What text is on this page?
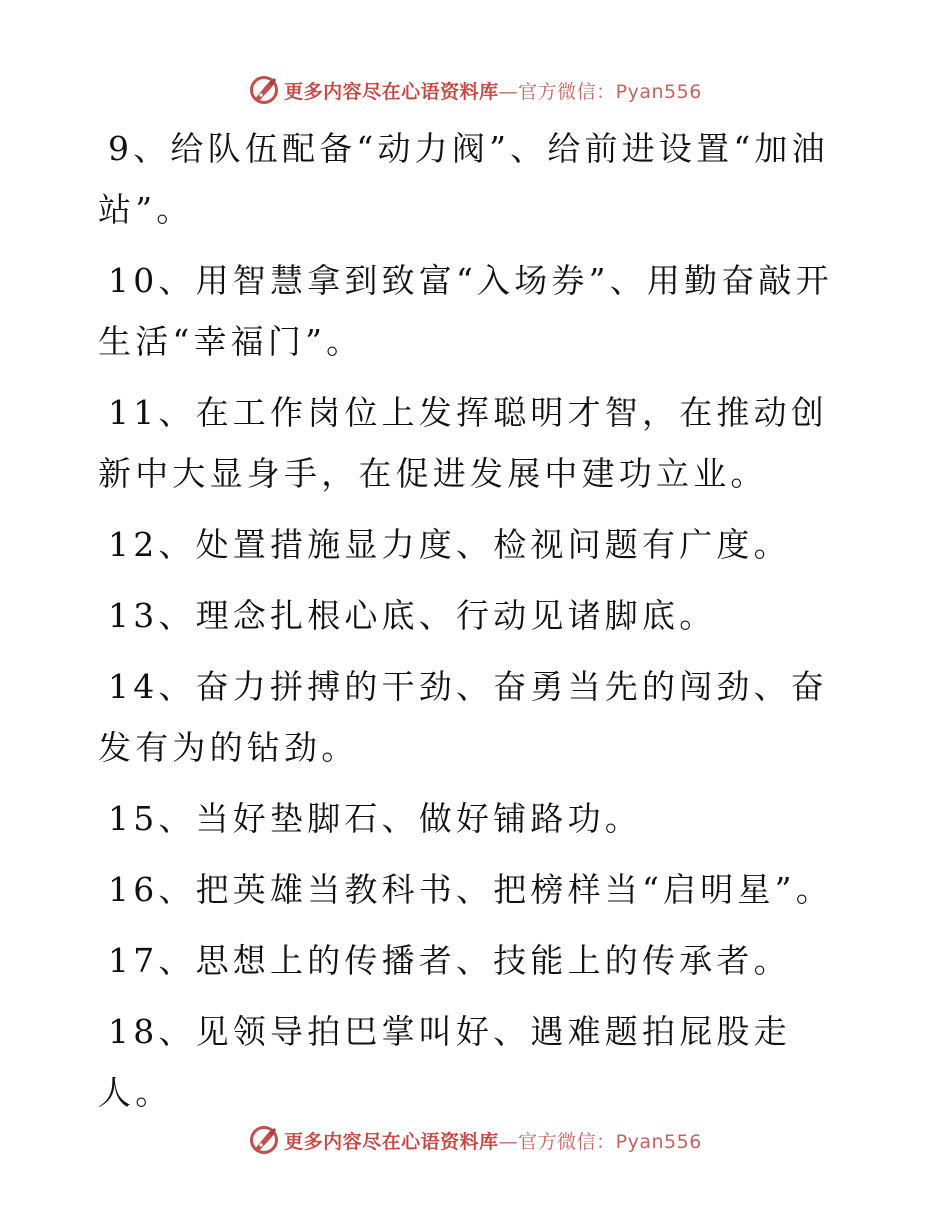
更多内容尽在心语资料库—官方微信：Pyan556

9、给队伍配备“动力阀”、给前进设置“加油站”。

10、用智慧拿到致富“入场券”、用勤奋敲开生活“幸福门”。

11、在工作岗位上发挥聪明才智，在推动创新中大显身手，在促进发展中建功立业。

12、处置措施显力度、检视问题有广度。

13、理念扎根心底、行动见诸脚底。

14、奋力拼搏的干劲、奋勇当先的闯劲、奋发有为的钻劲。

15、当好垫脚石、做好铺路功。

16、把英雄当教科书、把榜样当“启明星”。

17、思想上的传播者、技能上的传承者。

18、见领导拍巴掌叫好、遇难题拍屁股走人。

更多内容尽在心语资料库—官方微信：Pyan556
